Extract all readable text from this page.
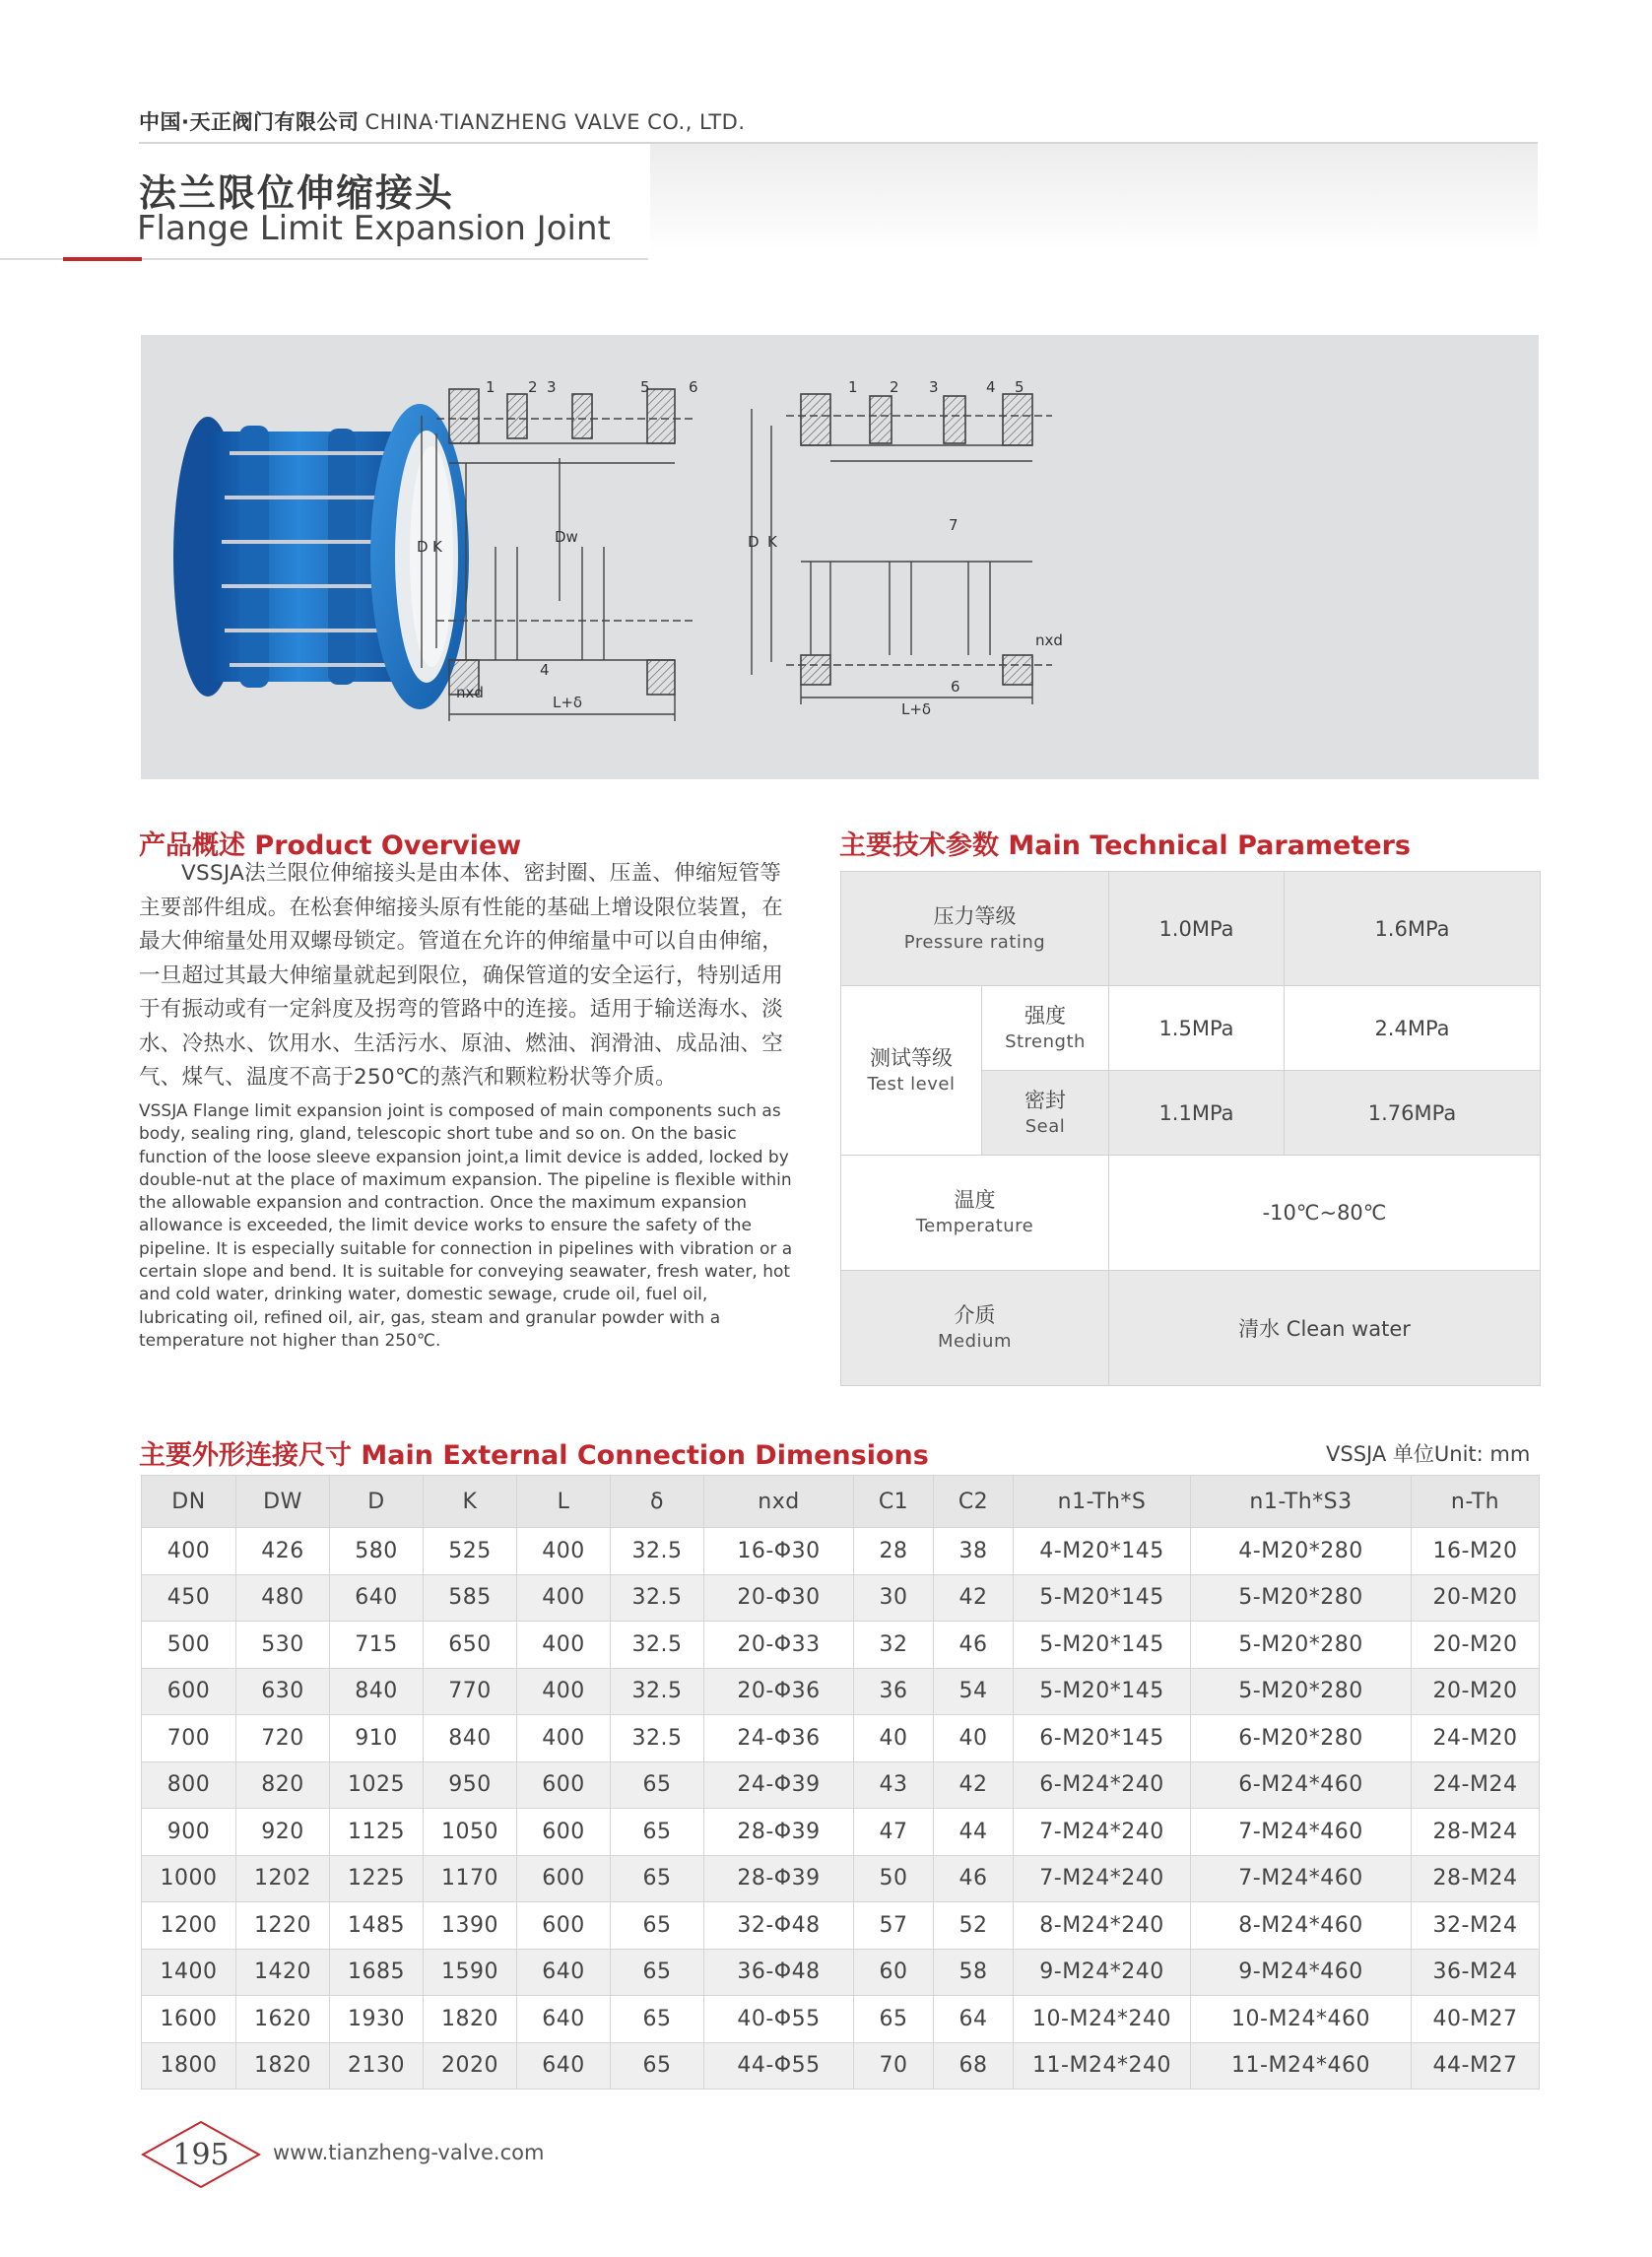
中国·天正阀门有限公司 CHINA·TIANZHENG VALVE CO., LTD.
法兰限位伸缩接头
Flange Limit Expansion Joint
1 2 3	5	6
4
D K
Dw
nxd
L+δ
1 2 3	4 5
7
6
D K
nxd
L+δ
产品概述 Product Overview
VSSJA法兰限位伸缩接头是由本体、密封圈、压盖、伸缩短管等主要部件组成。在松套伸缩接头原有性能的基础上增设限位装置，在最大伸缩量处用双螺母锁定。管道在允许的伸缩量中可以自由伸缩，一旦超过其最大伸缩量就起到限位，确保管道的安全运行，特别适用于有振动或有一定斜度及拐弯的管路中的连接。适用于输送海水、淡水、冷热水、饮用水、生活污水、原油、燃油、润滑油、成品油、空气、煤气、温度不高于250℃的蒸汽和颗粒粉状等介质。
VSSJA Flange limit expansion joint is composed of main components such as body, sealing ring, gland, telescopic short tube and so on. On the basic function of the loose sleeve expansion joint,a limit device is added, locked by double-nut at the place of maximum expansion. The pipeline is flexible within the allowable expansion and contraction. Once the maximum expansion allowance is exceeded, the limit device works to ensure the safety of the pipeline. It is especially suitable for connection in pipelines with vibration or a certain slope and bend. It is suitable for conveying seawater, fresh water, hot and cold water, drinking water, domestic sewage, crude oil, fuel oil, lubricating oil, refined oil, air, gas, steam and granular powder with a temperature not higher than 250℃.
主要技术参数 Main Technical Parameters
压力等级
Pressure rating		1.0MPa	1.6MPa

测试等级
Test level	强度
Strength	1.5MPa	2.4MPa

	密封
Seal	1.1MPa	1.76MPa

温度
Temperature		-10℃~80℃	

介质
Medium		清水 Clean water	
主要外形连接尺寸 Main External Connection Dimensions	VSSJA 单位Unit: mm
DN	DW	D	K	L	δ	nxd	C1	C2	n1-Th*S	n1-Th*S3	n-Th
400	426	580	525	400	32.5	16-Φ30	28	38	4-M20*145	4-M20*280	16-M20
450	480	640	585	400	32.5	20-Φ30	30	42	5-M20*145	5-M20*280	20-M20
500	530	715	650	400	32.5	20-Φ33	32	46	5-M20*145	5-M20*280	20-M20
600	630	840	770	400	32.5	20-Φ36	36	54	5-M20*145	5-M20*280	20-M20
700	720	910	840	400	32.5	24-Φ36	40	40	6-M20*145	6-M20*280	24-M20
800	820	1025	950	600	65	24-Φ39	43	42	6-M24*240	6-M24*460	24-M24
900	920	1125	1050	600	65	28-Φ39	47	44	7-M24*240	7-M24*460	28-M24
1000	1202	1225	1170	600	65	28-Φ39	50	46	7-M24*240	7-M24*460	28-M24
1200	1220	1485	1390	600	65	32-Φ48	57	52	8-M24*240	8-M24*460	32-M24
1400	1420	1685	1590	640	65	36-Φ48	60	58	9-M24*240	9-M24*460	36-M24
1600	1620	1930	1820	640	65	40-Φ55	65	64	10-M24*240	10-M24*460	40-M27
1800	1820	2130	2020	640	65	44-Φ55	70	68	11-M24*240	11-M24*460	44-M27
195	www.tianzheng-valve.com
